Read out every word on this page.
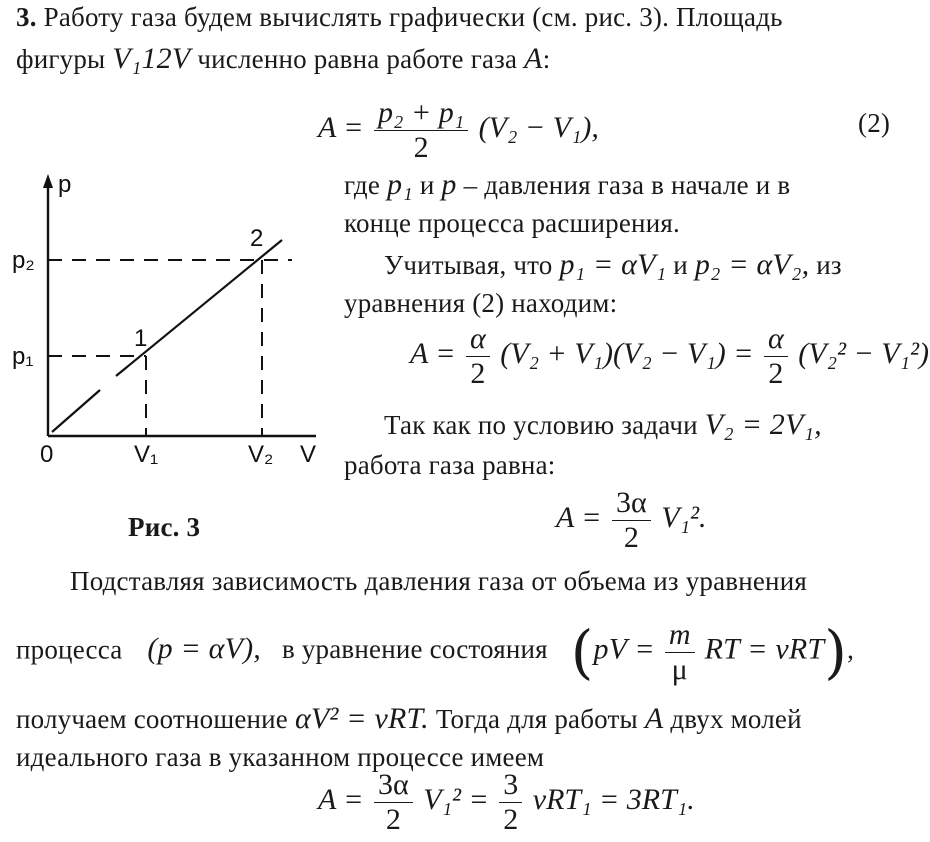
3. Работу газа будем вычислять графически (см. рис. 3). Площадь
фигуры V₁12V численно равна работе газа A:
$A = \frac{\text{p₂ + p₁}}{2} (V_2 - V_1)$,	(2)
p
V
0
p₁
p₂
V₁	V₂
1
2
Рис. 3
где p₁ и p – давления газа в начале и в
конце процесса расширения.
Учитывая, что p₁ = αV₁ и p₂ = αV₂, из
уравнения (2) находим:
$A = \frac{\alpha}{2} (V_2 + V_1)(V_2 - V_1) = \frac{\alpha}{2} (V_2^2 - V_1^2)$
Так как по условию задачи V₂ = 2V₁,
работа газа равна:
$A = \frac{3\alpha}{2} V_1^2$.
Подставляя зависимость давления газа от объема из уравнения
процесса (p = αV), в уравнение состояния ($pV = \frac{m}{\mu}$ RT = νRT),
получаем соотношение αV² = νRT. Тогда для работы A двух молей
идеального газа в указанном процессе имеем
$A = \frac{3\alpha}{2} V_1^2 = \frac{3}{2} \nu RT_1 = 3RT_1$.
